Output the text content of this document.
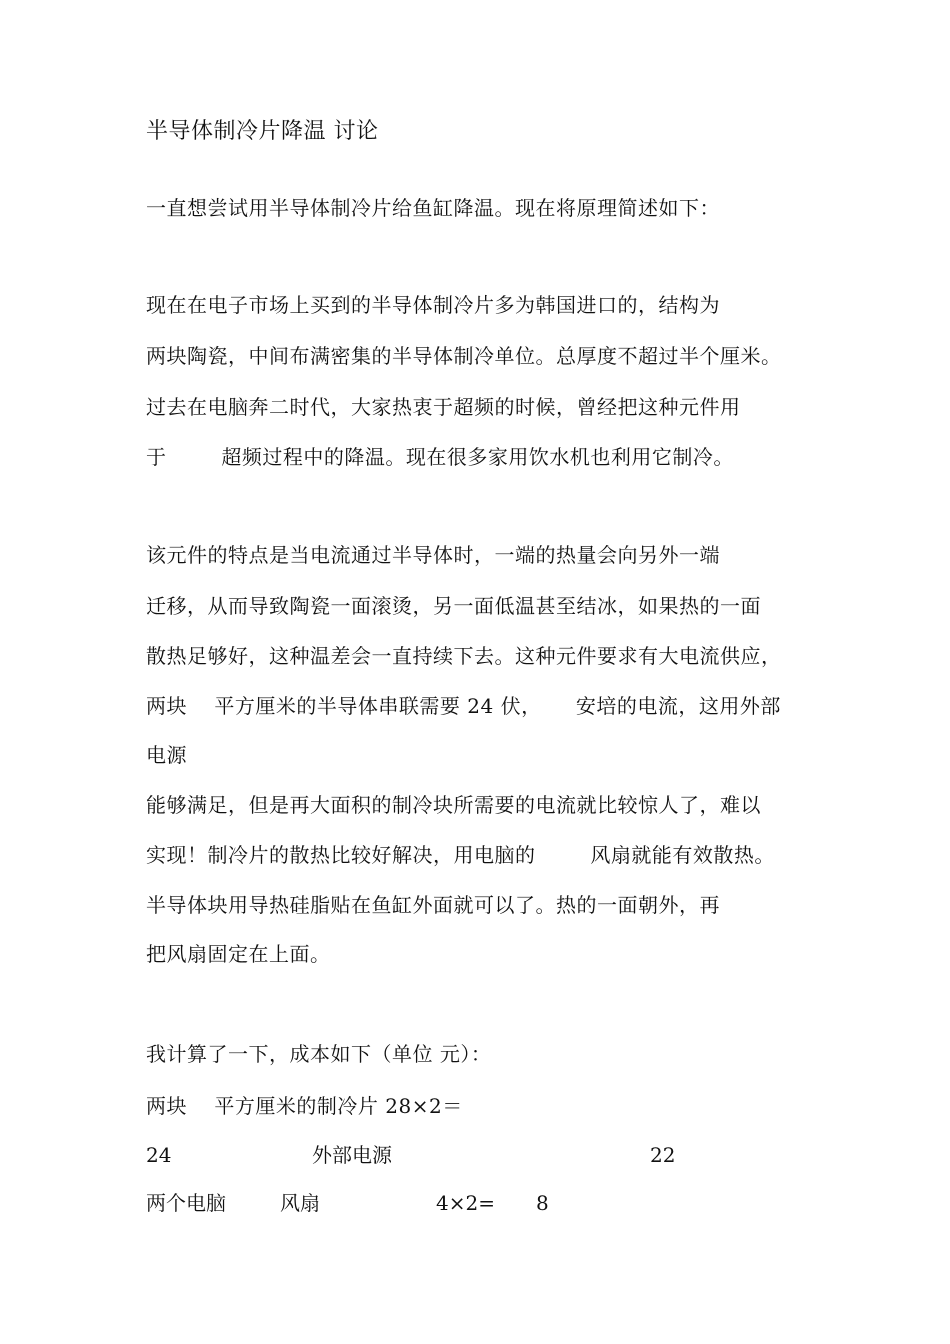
半导体制冷片降温 讨论
一直想尝试用半导体制冷片给鱼缸降温。现在将原理简述如下：
现在在电子市场上买到的半导体制冷片多为韩国进口的，结构为
两块陶瓷，中间布满密集的半导体制冷单位。总厚度不超过半个厘米。
过去在电脑奔二时代，大家热衷于超频的时候，曾经把这种元件用
于        超频过程中的降温。现在很多家用饮水机也利用它制冷。
该元件的特点是当电流通过半导体时，一端的热量会向另外一端
迁移，从而导致陶瓷一面滚烫，另一面低温甚至结冰，如果热的一面
散热足够好，这种温差会一直持续下去。这种元件要求有大电流供应，
两块    平方厘米的半导体串联需要 24 伏，     安培的电流，这用外部
电源
能够满足，但是再大面积的制冷块所需要的电流就比较惊人了，难以
实现！制冷片的散热比较好解决，用电脑的        风扇就能有效散热。
半导体块用导热硅脂贴在鱼缸外面就可以了。热的一面朝外，再
把风扇固定在上面。
我计算了一下，成本如下（单位 元）：
两块    平方厘米的制冷片 28×2＝
24	外部电源	22
两个电脑	风扇	4×2= 8
